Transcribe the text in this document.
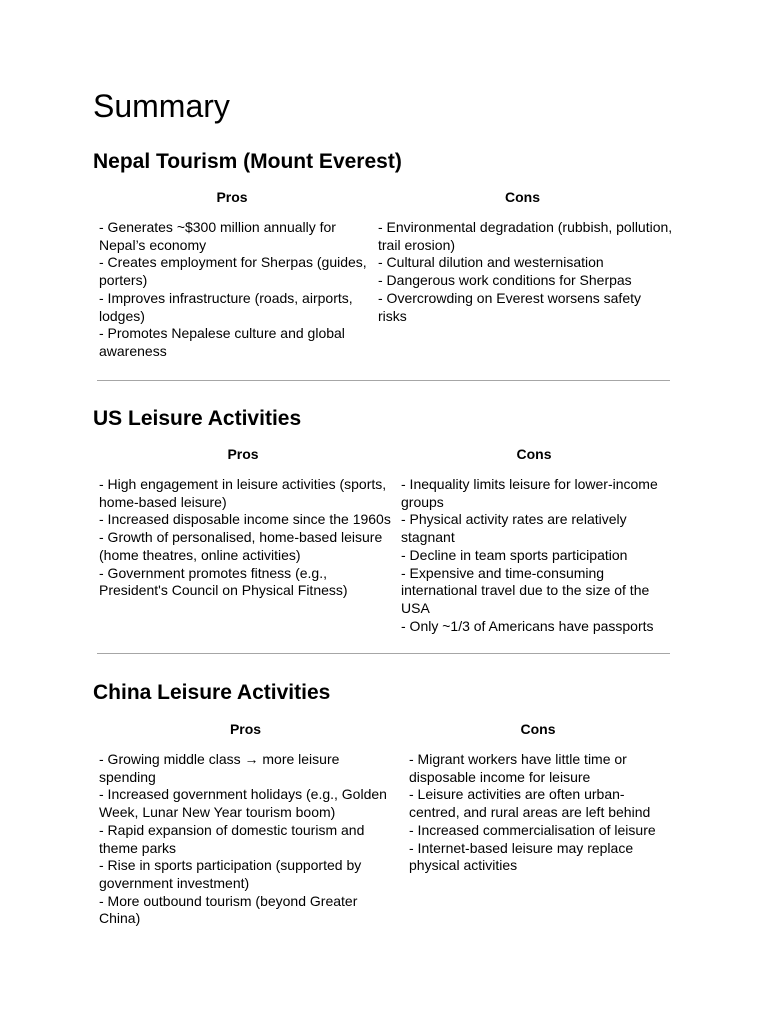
Summary
Nepal Tourism (Mount Everest)
Pros
- Generates ~$300 million annually for Nepal’s economy
- Creates employment for Sherpas (guides, porters)
- Improves infrastructure (roads, airports, lodges)
- Promotes Nepalese culture and global awareness
Cons
- Environmental degradation (rubbish, pollution, trail erosion)
- Cultural dilution and westernisation
- Dangerous work conditions for Sherpas
- Overcrowding on Everest worsens safety risks
US Leisure Activities
Pros
- High engagement in leisure activities (sports, home-based leisure)
- Increased disposable income since the 1960s
- Growth of personalised, home-based leisure (home theatres, online activities)
- Government promotes fitness (e.g., President's Council on Physical Fitness)
Cons
- Inequality limits leisure for lower-income groups
- Physical activity rates are relatively stagnant
- Decline in team sports participation
- Expensive and time-consuming international travel due to the size of the USA
- Only ~1/3 of Americans have passports
China Leisure Activities
Pros
- Growing middle class → more leisure spending
- Increased government holidays (e.g., Golden Week, Lunar New Year tourism boom)
- Rapid expansion of domestic tourism and theme parks
- Rise in sports participation (supported by government investment)
- More outbound tourism (beyond Greater China)
Cons
- Migrant workers have little time or disposable income for leisure
- Leisure activities are often urban-centred, and rural areas are left behind
- Increased commercialisation of leisure
- Internet-based leisure may replace physical activities
